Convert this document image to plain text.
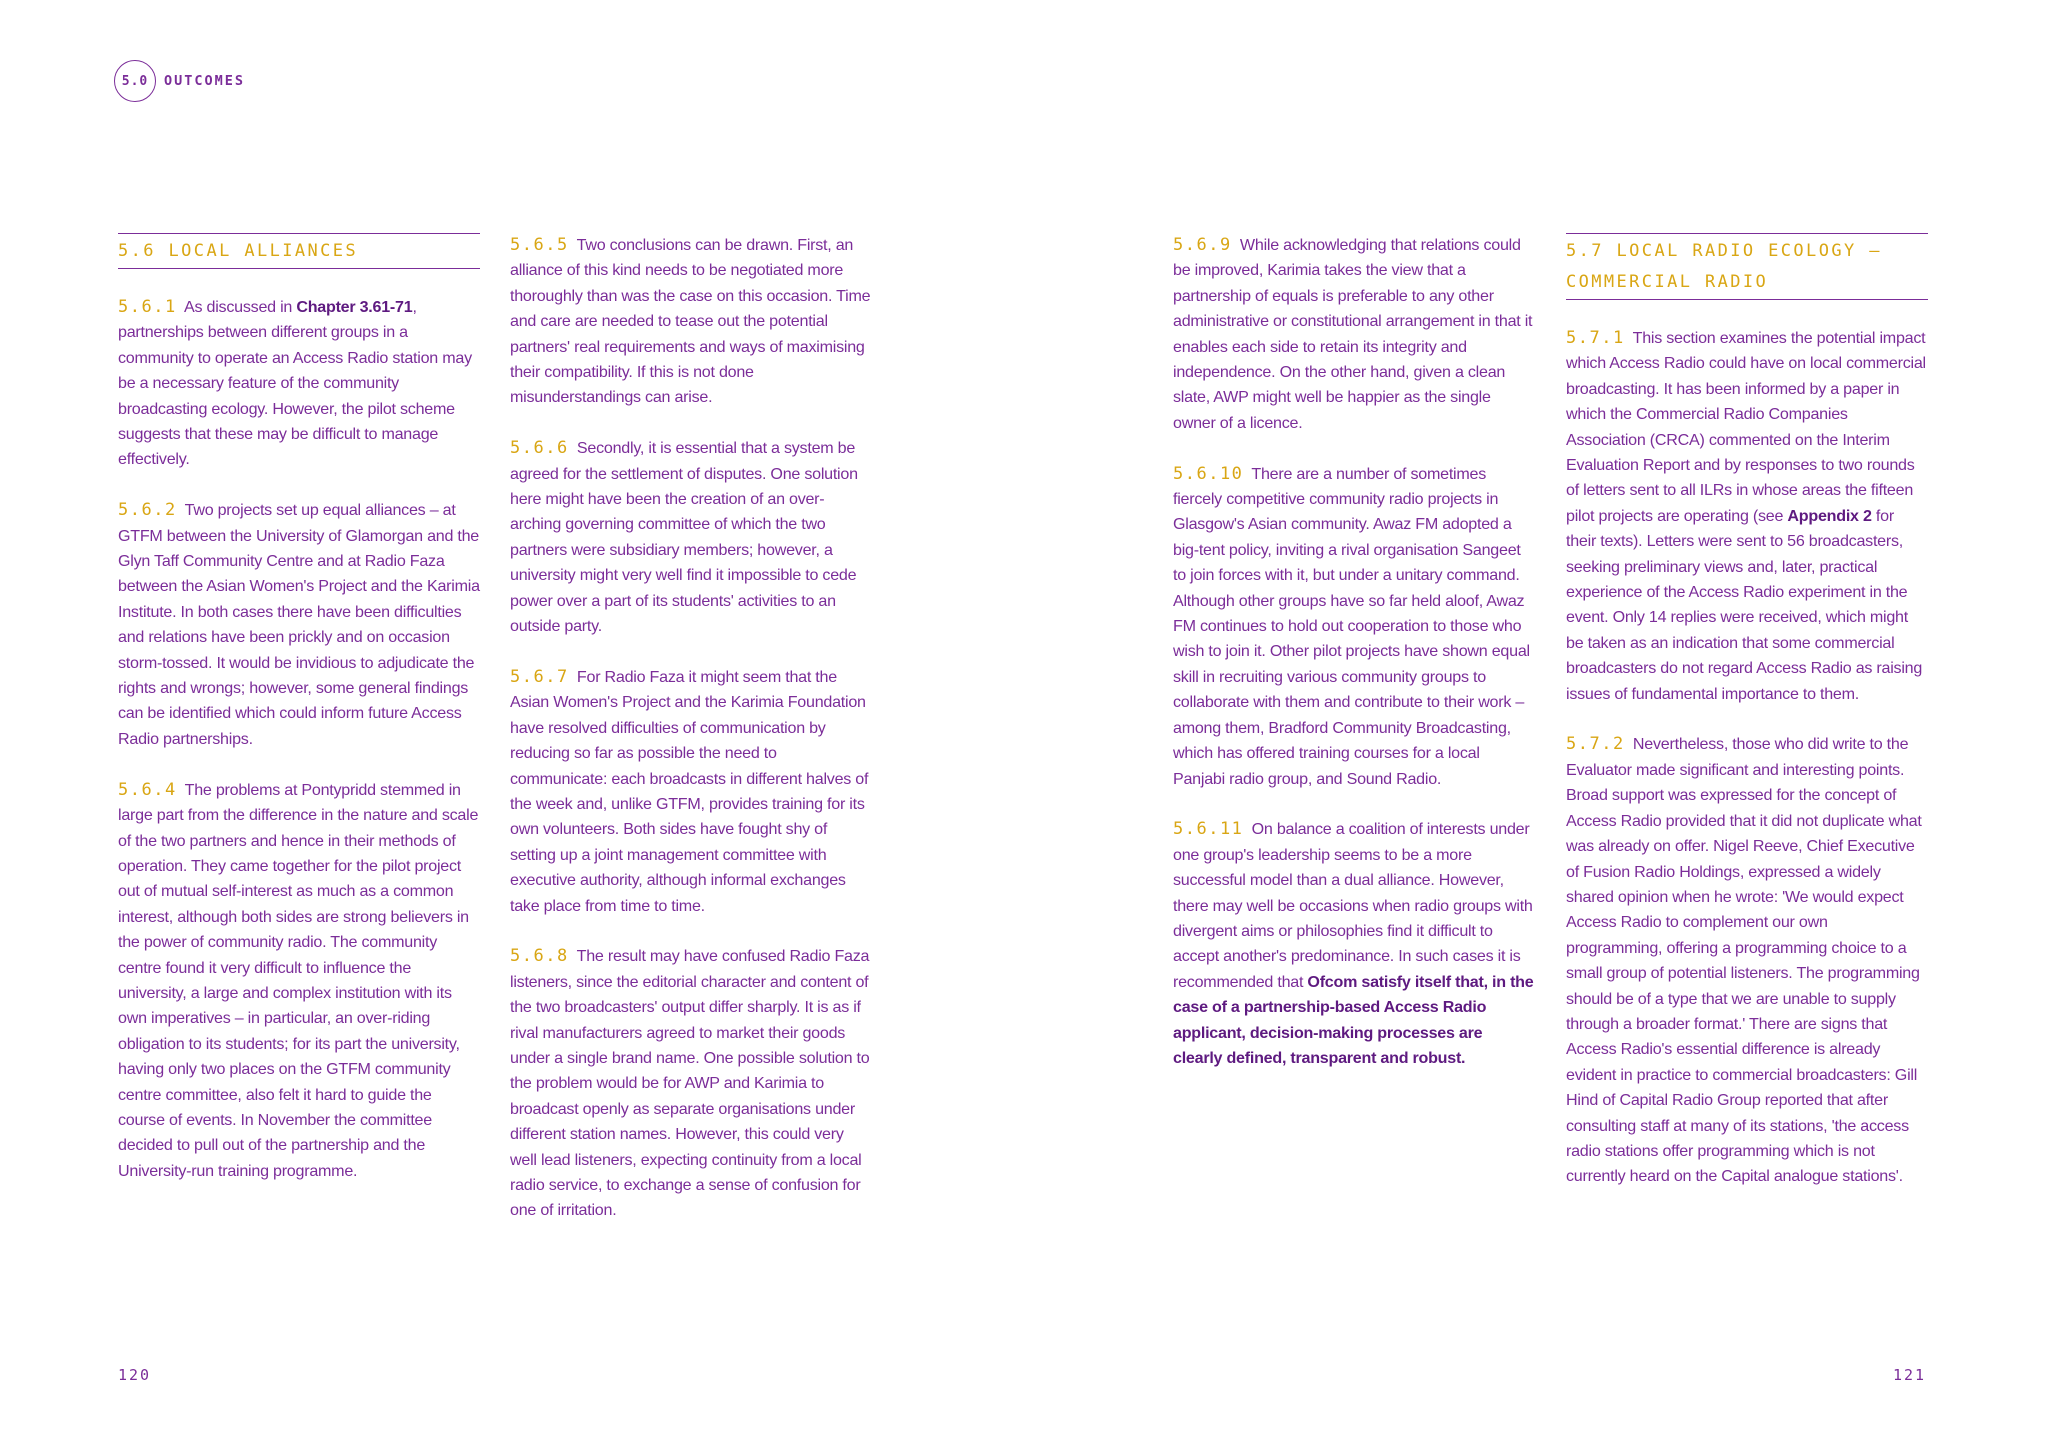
5.0	OUTCOMES
5.6 LOCAL ALLIANCES

5.6.1 As discussed in Chapter 3.61-71, partnerships between different groups in a community to operate an Access Radio station may be a necessary feature of the community broadcasting ecology. However, the pilot scheme suggests that these may be difficult to manage effectively.

5.6.2 Two projects set up equal alliances – at GTFM between the University of Glamorgan and the Glyn Taff Community Centre and at Radio Faza between the Asian Women's Project and the Karimia Institute. In both cases there have been difficulties and relations have been prickly and on occasion storm-tossed. It would be invidious to adjudicate the rights and wrongs; however, some general findings can be identified which could inform future Access Radio partnerships.

5.6.4 The problems at Pontypridd stemmed in large part from the difference in the nature and scale of the two partners and hence in their methods of operation. They came together for the pilot project out of mutual self-interest as much as a common interest, although both sides are strong believers in the power of community radio. The community centre found it very difficult to influence the university, a large and complex institution with its own imperatives – in particular, an over-riding obligation to its students; for its part the university, having only two places on the GTFM community centre committee, also felt it hard to guide the course of events. In November the committee decided to pull out of the partnership and the University-run training programme.

5.6.5 Two conclusions can be drawn. First, an alliance of this kind needs to be negotiated more thoroughly than was the case on this occasion. Time and care are needed to tease out the potential partners' real requirements and ways of maximising their compatibility. If this is not done misunderstandings can arise.

5.6.6 Secondly, it is essential that a system be agreed for the settlement of disputes. One solution here might have been the creation of an over-arching governing committee of which the two partners were subsidiary members; however, a university might very well find it impossible to cede power over a part of its students' activities to an outside party.

5.6.7 For Radio Faza it might seem that the Asian Women's Project and the Karimia Foundation have resolved difficulties of communication by reducing so far as possible the need to communicate: each broadcasts in different halves of the week and, unlike GTFM, provides training for its own volunteers. Both sides have fought shy of setting up a joint management committee with executive authority, although informal exchanges take place from time to time.

5.6.8 The result may have confused Radio Faza listeners, since the editorial character and content of the two broadcasters' output differ sharply. It is as if rival manufacturers agreed to market their goods under a single brand name. One possible solution to the problem would be for AWP and Karimia to broadcast openly as separate organisations under different station names. However, this could very well lead listeners, expecting continuity from a local radio service, to exchange a sense of confusion for one of irritation.

5.6.9 While acknowledging that relations could be improved, Karimia takes the view that a partnership of equals is preferable to any other administrative or constitutional arrangement in that it enables each side to retain its integrity and independence. On the other hand, given a clean slate, AWP might well be happier as the single owner of a licence.

5.6.10 There are a number of sometimes fiercely competitive community radio projects in Glasgow's Asian community. Awaz FM adopted a big-tent policy, inviting a rival organisation Sangeet to join forces with it, but under a unitary command. Although other groups have so far held aloof, Awaz FM continues to hold out cooperation to those who wish to join it. Other pilot projects have shown equal skill in recruiting various community groups to collaborate with them and contribute to their work – among them, Bradford Community Broadcasting, which has offered training courses for a local Panjabi radio group, and Sound Radio.

5.6.11 On balance a coalition of interests under one group's leadership seems to be a more successful model than a dual alliance. However, there may well be occasions when radio groups with divergent aims or philosophies find it difficult to accept another's predominance. In such cases it is recommended that Ofcom satisfy itself that, in the case of a partnership-based Access Radio applicant, decision-making processes are clearly defined, transparent and robust.

5.7 LOCAL RADIO ECOLOGY – COMMERCIAL RADIO

5.7.1 This section examines the potential impact which Access Radio could have on local commercial broadcasting. It has been informed by a paper in which the Commercial Radio Companies Association (CRCA) commented on the Interim Evaluation Report and by responses to two rounds of letters sent to all ILRs in whose areas the fifteen pilot projects are operating (see Appendix 2 for their texts). Letters were sent to 56 broadcasters, seeking preliminary views and, later, practical experience of the Access Radio experiment in the event. Only 14 replies were received, which might be taken as an indication that some commercial broadcasters do not regard Access Radio as raising issues of fundamental importance to them.

5.7.2 Nevertheless, those who did write to the Evaluator made significant and interesting points. Broad support was expressed for the concept of Access Radio provided that it did not duplicate what was already on offer. Nigel Reeve, Chief Executive of Fusion Radio Holdings, expressed a widely shared opinion when he wrote: 'We would expect Access Radio to complement our own programming, offering a programming choice to a small group of potential listeners. The programming should be of a type that we are unable to supply through a broader format.' There are signs that Access Radio's essential difference is already evident in practice to commercial broadcasters: Gill Hind of Capital Radio Group reported that after consulting staff at many of its stations, 'the access radio stations offer programming which is not currently heard on the Capital analogue stations'.

120	121
